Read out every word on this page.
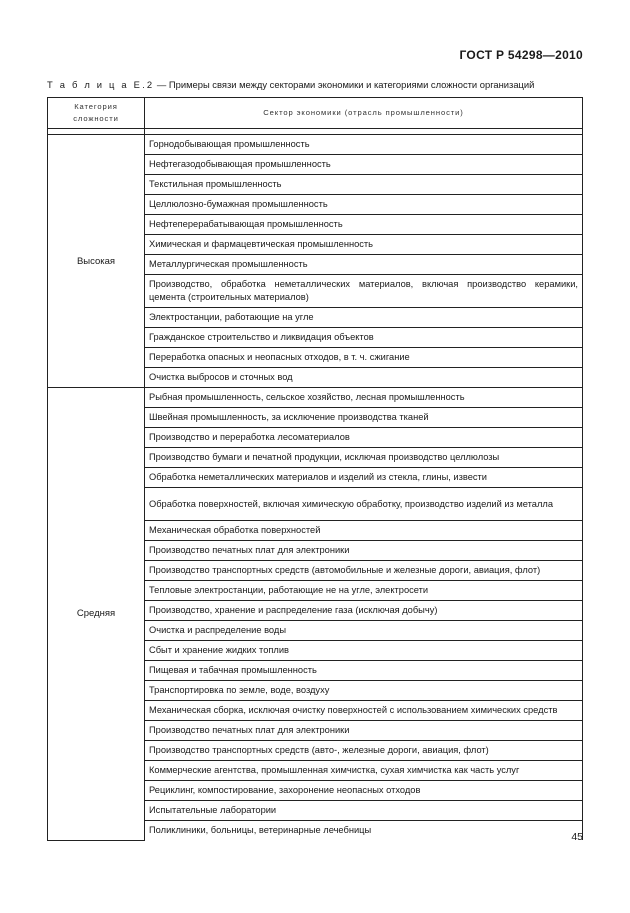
ГОСТ Р 54298—2010
Т а б л и ц а Е.2 — Примеры связи между секторами экономики и категориями сложности организаций
Категория
сложности	Сектор экономики (отрасль промышленности)

Высокая	Горнодобывающая промышленность
	Нефтегазодобывающая промышленность
	Текстильная промышленность
	Целлюлозно-бумажная промышленность
	Нефтеперерабатывающая промышленность
	Химическая и фармацевтическая промышленность
	Металлургическая промышленность
	Производство, обработка неметаллических материалов, включая производство керамики, цемента (строительных материалов)
	Электростанции, работающие на угле
	Гражданское строительство и ликвидация объектов
	Переработка опасных и неопасных отходов, в т. ч. сжигание
	Очистка выбросов и сточных вод
Средняя	Рыбная промышленность, сельское хозяйство, лесная промышленность
	Швейная промышленность, за исключение производства тканей
	Производство и переработка лесоматериалов
	Производство бумаги и печатной продукции, исключая производство целлюлозы
	Обработка неметаллических материалов и изделий из стекла, глины, извести
	Обработка поверхностей, включая химическую обработку, производство изделий из металла
	Механическая обработка поверхностей
	Производство печатных плат для электроники
	Производство транспортных средств (автомобильные и железные дороги, авиация, флот)
	Тепловые электростанции, работающие не на угле, электросети
	Производство, хранение и распределение газа (исключая добычу)
	Очистка и распределение воды
	Сбыт и хранение жидких топлив
	Пищевая и табачная промышленность
	Транспортировка по земле, воде, воздуху
	Механическая сборка, исключая очистку поверхностей с использованием химических средств
	Производство печатных плат для электроники
	Производство транспортных средств (авто-, железные дороги, авиация, флот)
	Коммерческие агентства, промышленная химчистка, сухая химчистка как часть услуг
	Рециклинг, компостирование, захоронение неопасных отходов
	Испытательные лаборатории
	Поликлиники, больницы, ветеринарные лечебницы
45
